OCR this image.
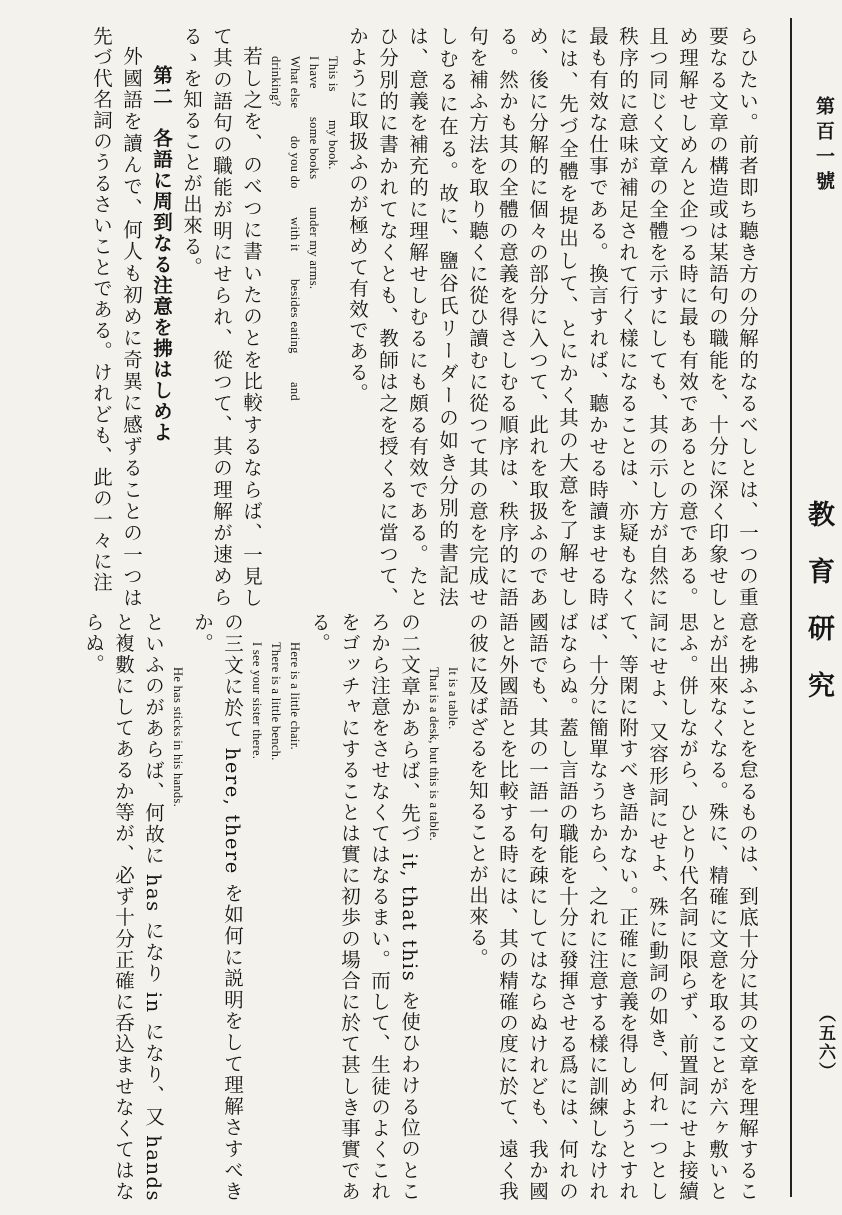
第百一號
教育研究
（五六）

らひたい。前者即ち聽き方の分解的なるべしとは、一つの重要なる文章の構造或は某語句の職能を、十分に深く印象せしめ理解せしめんと企つる時に最も有效であるとの意である。且つ同じく文章の全體を示すにしても、其の示し方が自然に秩序的に意味が補足されて行く樣になることは、亦疑もなく最も有效な仕事である。換言すれば、聽かせる時讀ませる時には、先づ全體を提出して、とにかく其の大意を了解せしめ、後に分解的に個々の部分に入つて、此れを取扱ふのである。然かも其の全體の意義を得さしむる順序は、秩序的に語句を補ふ方法を取り聽くに從ひ讀むに從つて其の意を完成せしむるに在る。故に、鹽谷氏リーダーの如き分別的書記法は、意義を補充的に理解せしむるにも頗る有效である。たとひ分別的に書かれてなくとも、教師は之を授くるに當つて、かように取扱ふのが極めて有效である。

This ismy book.
I havesome booksunder my arms.
What elsedo you dowith itbesides eatingand
drinking?

若し之を、のべつに書いたのとを比較するならば、一見して其の語句の職能が明にせられ、從つて、其の理解が速めらるゝを知ることが出來る。

第二　各語に周到なる注意を拂はしめよ

外國語を讀んで、何人も初めに奇異に感ずることの一つは先づ代名詞のうるさいことである。けれども、此の一々に注

意を拂ふことを怠るものは、到底十分に其の文章を理解することが出來なくなる。殊に、精確に文意を取ることが六ヶ敷いと思ふ。併しながら、ひとり代名詞に限らず、前置詞にせよ接續詞にせよ、又容形詞にせよ、殊に動詞の如き、何れ一つとして、等閑に附すべき語かない。正確に意義を得しめようとすれば、十分に簡單なうちから、之れに注意する樣に訓練しなければならぬ。蓋し言語の職能を十分に發揮させる爲には、何れの國語でも、其の一語一句を疎にしてはならぬけれども、我か國語と外國語とを比較する時には、其の精確の度に於て、遠く我の彼に及ばざるを知ることが出來る。

It is a table.
That is a desk, but this is a table.

の二文章かあらば、先づ it, that this を使ひわける位のところから注意をさせなくてはなるまい。而して、生徒のよくこれをゴッチャにすることは實に初歩の場合に於て甚しき事實である。

Here is a little chair.
There is a little bench.
I see your sister there.

の三文に於て here, there を如何に説明をして理解さすべきか。

He has sticks in his hands.

といふのがあらば、何故に has になり in になり、又 hands と複數にしてあるか等が、必ず十分正確に呑込ませなくてはならぬ。
